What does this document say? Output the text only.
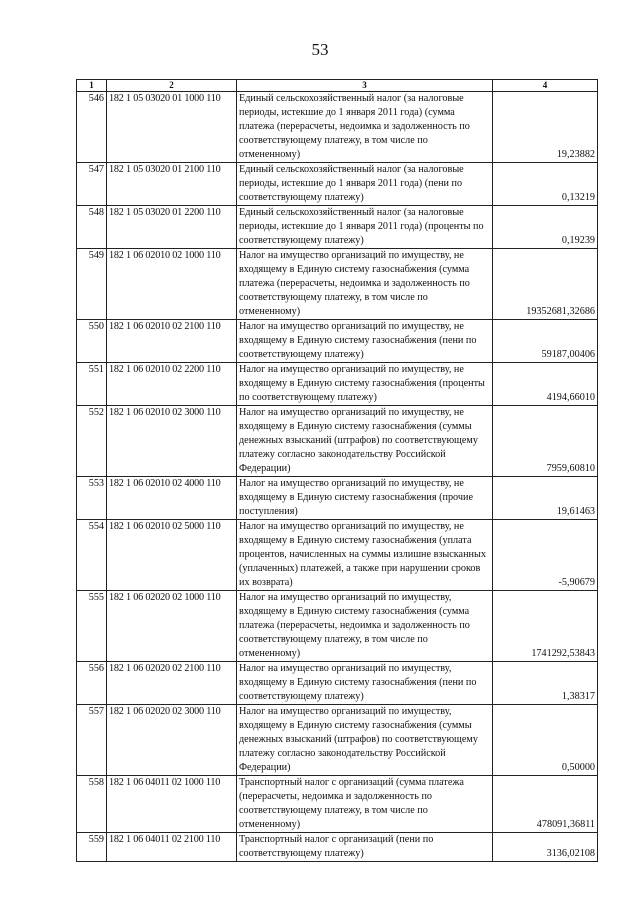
53
1	2	3	4
546	182 1 05 03020 01 1000 110	Единый сельскохозяйственный налог (за налоговые периоды, истекшие до 1 января 2011 года) (сумма платежа (перерасчеты, недоимка и задолженность по соответствующему платежу, в том числе по отмененному)	19,23882
547	182 1 05 03020 01 2100 110	Единый сельскохозяйственный налог (за налоговые периоды, истекшие до 1 января 2011 года) (пени по соответствующему платежу)	0,13219
548	182 1 05 03020 01 2200 110	Единый сельскохозяйственный налог (за налоговые периоды, истекшие до 1 января 2011 года) (проценты по соответствующему платежу)	0,19239
549	182 1 06 02010 02 1000 110	Налог на имущество организаций по имуществу, не входящему в Единую систему газоснабжения (сумма платежа (перерасчеты, недоимка и задолженность по соответствующему платежу, в том числе по отмененному)	19352681,32686
550	182 1 06 02010 02 2100 110	Налог на имущество организаций по имуществу, не входящему в Единую систему газоснабжения (пени по соответствующему платежу)	59187,00406
551	182 1 06 02010 02 2200 110	Налог на имущество организаций по имуществу, не входящему в Единую систему газоснабжения (проценты по соответствующему платежу)	4194,66010
552	182 1 06 02010 02 3000 110	Налог на имущество организаций по имуществу, не входящему в Единую систему газоснабжения (суммы денежных взысканий (штрафов) по соответствующему платежу согласно законодательству Российской Федерации)	7959,60810
553	182 1 06 02010 02 4000 110	Налог на имущество организаций по имуществу, не входящему в Единую систему газоснабжения (прочие поступления)	19,61463
554	182 1 06 02010 02 5000 110	Налог на имущество организаций по имуществу, не входящему в Единую систему газоснабжения (уплата процентов, начисленных на суммы излишне взысканных (уплаченных) платежей, а также при нарушении сроков их возврата)	-5,90679
555	182 1 06 02020 02 1000 110	Налог на имущество организаций по имуществу, входящему в Единую систему газоснабжения (сумма платежа (перерасчеты, недоимка и задолженность по соответствующему платежу, в том числе по отмененному)	1741292,53843
556	182 1 06 02020 02 2100 110	Налог на имущество организаций по имуществу, входящему в Единую систему газоснабжения (пени по соответствующему платежу)	1,38317
557	182 1 06 02020 02 3000 110	Налог на имущество организаций по имуществу, входящему в Единую систему газоснабжения (суммы денежных взысканий (штрафов) по соответствующему платежу согласно законодательству Российской Федерации)	0,50000
558	182 1 06 04011 02 1000 110	Транспортный налог с организаций (сумма платежа (перерасчеты, недоимка и задолженность по соответствующему платежу, в том числе по отмененному)	478091,36811
559	182 1 06 04011 02 2100 110	Транспортный налог с организаций (пени по соответствующему платежу)	3136,02108
